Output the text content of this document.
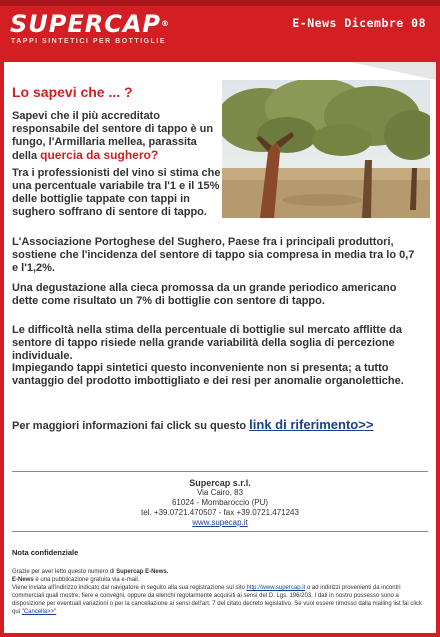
SUPERCAP®
TAPPI SINTETICI PER BOTTIGLIE
E-News Dicembre 08
Lo sapevi che ... ?
Sapevi che il più accreditato responsabile del sentore di tappo è un fungo, l'Armillaria mellea, parassita della quercia da sughero?
Tra i professionisti del vino si stima che una percentuale variabile tra l'1 e il 15% delle bottiglie tappate con tappi in sughero soffrano di sentore di tappo.
L'Associazione Portoghese del Sughero, Paese fra i principali produttori, sostiene che l'incidenza del sentore di tappo sia compresa in media tra lo 0,7 e l'1,2%.
Una degustazione alla cieca promossa da un grande periodico americano dette come risultato un 7% di bottiglie con sentore di tappo.
Le difficoltà nella stima della percentuale di bottiglie sul mercato afflitte da sentore di tappo risiede nella grande variabilità della soglia di percezione individuale.
Impiegando tappi sintetici questo inconveniente non si presenta; a tutto vantaggio del prodotto imbottigliato e dei resi per anomalie organolettiche.
Per maggiori informazioni fai click su questo link di riferimento>>
Supercap s.r.l.
Via Cairo, 83
61024 - Mombaroccio (PU)
tel. +39.0721.470507 - fax +39.0721.471243
www.supecap.it
Nota confidenziale
Grazie per aver letto questo numero di Supercap E-News.
E-News è una pubblicazione gratuita via e-mail.
Viene inviata all'indirizzo indicato dal navigatore in seguito alla sua registrazione sul sito http://www.supercap.it o ad indirizzi provenienti da incontri commerciali quali mostre, fiere e convegni, oppure da elenchi regolarmente acquisiti ai sensi del D. Lgs. 196/203. I dati in nostro possesso sono a disposizione per eventuali variazioni o per la cancellazione ai sensi dell'art. 7 del citato decreto legislativo. Se vuoi essere rimosso dalla mailing list fai click qui "Cancella>>"
